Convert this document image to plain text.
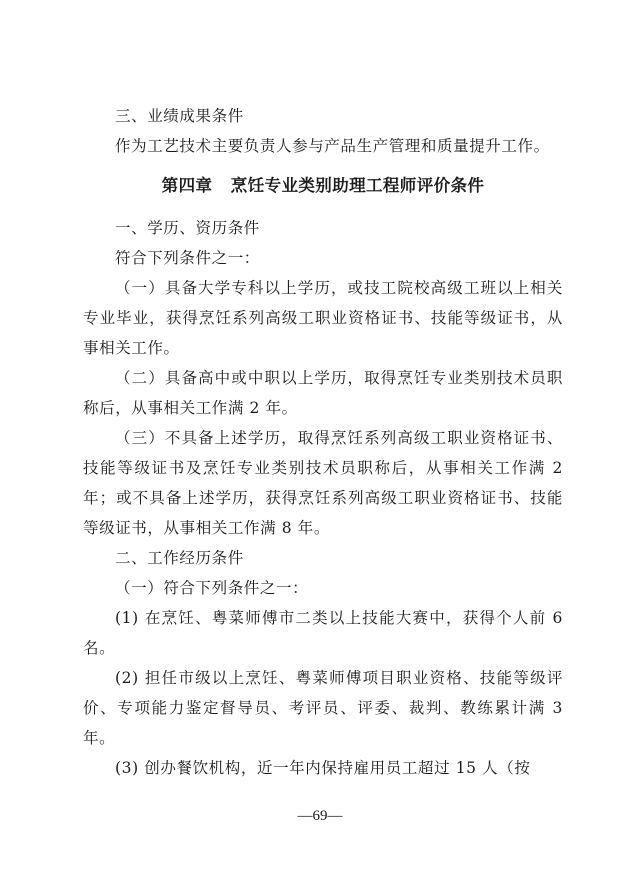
三、业绩成果条件

作为工艺技术主要负责人参与产品生产管理和质量提升工作。

第四章   烹饪专业类别助理工程师评价条件

一、学历、资历条件

符合下列条件之一：

（一）具备大学专科以上学历，或技工院校高级工班以上相关专业毕业，获得烹饪系列高级工职业资格证书、技能等级证书，从事相关工作。

（二）具备高中或中职以上学历，取得烹饪专业类别技术员职称后，从事相关工作满 2 年。

（三）不具备上述学历，取得烹饪系列高级工职业资格证书、技能等级证书及烹饪专业类别技术员职称后，从事相关工作满 2 年；或不具备上述学历，获得烹饪系列高级工职业资格证书、技能等级证书，从事相关工作满 8 年。

二、工作经历条件

（一）符合下列条件之一：

(1) 在烹饪、粤菜师傅市二类以上技能大赛中，获得个人前 6 名。

(2) 担任市级以上烹饪、粤菜师傅项目职业资格、技能等级评价、专项能力鉴定督导员、考评员、评委、裁判、教练累计满 3 年。

(3) 创办餐饮机构，近一年内保持雇用员工超过 15 人（按

—69—
